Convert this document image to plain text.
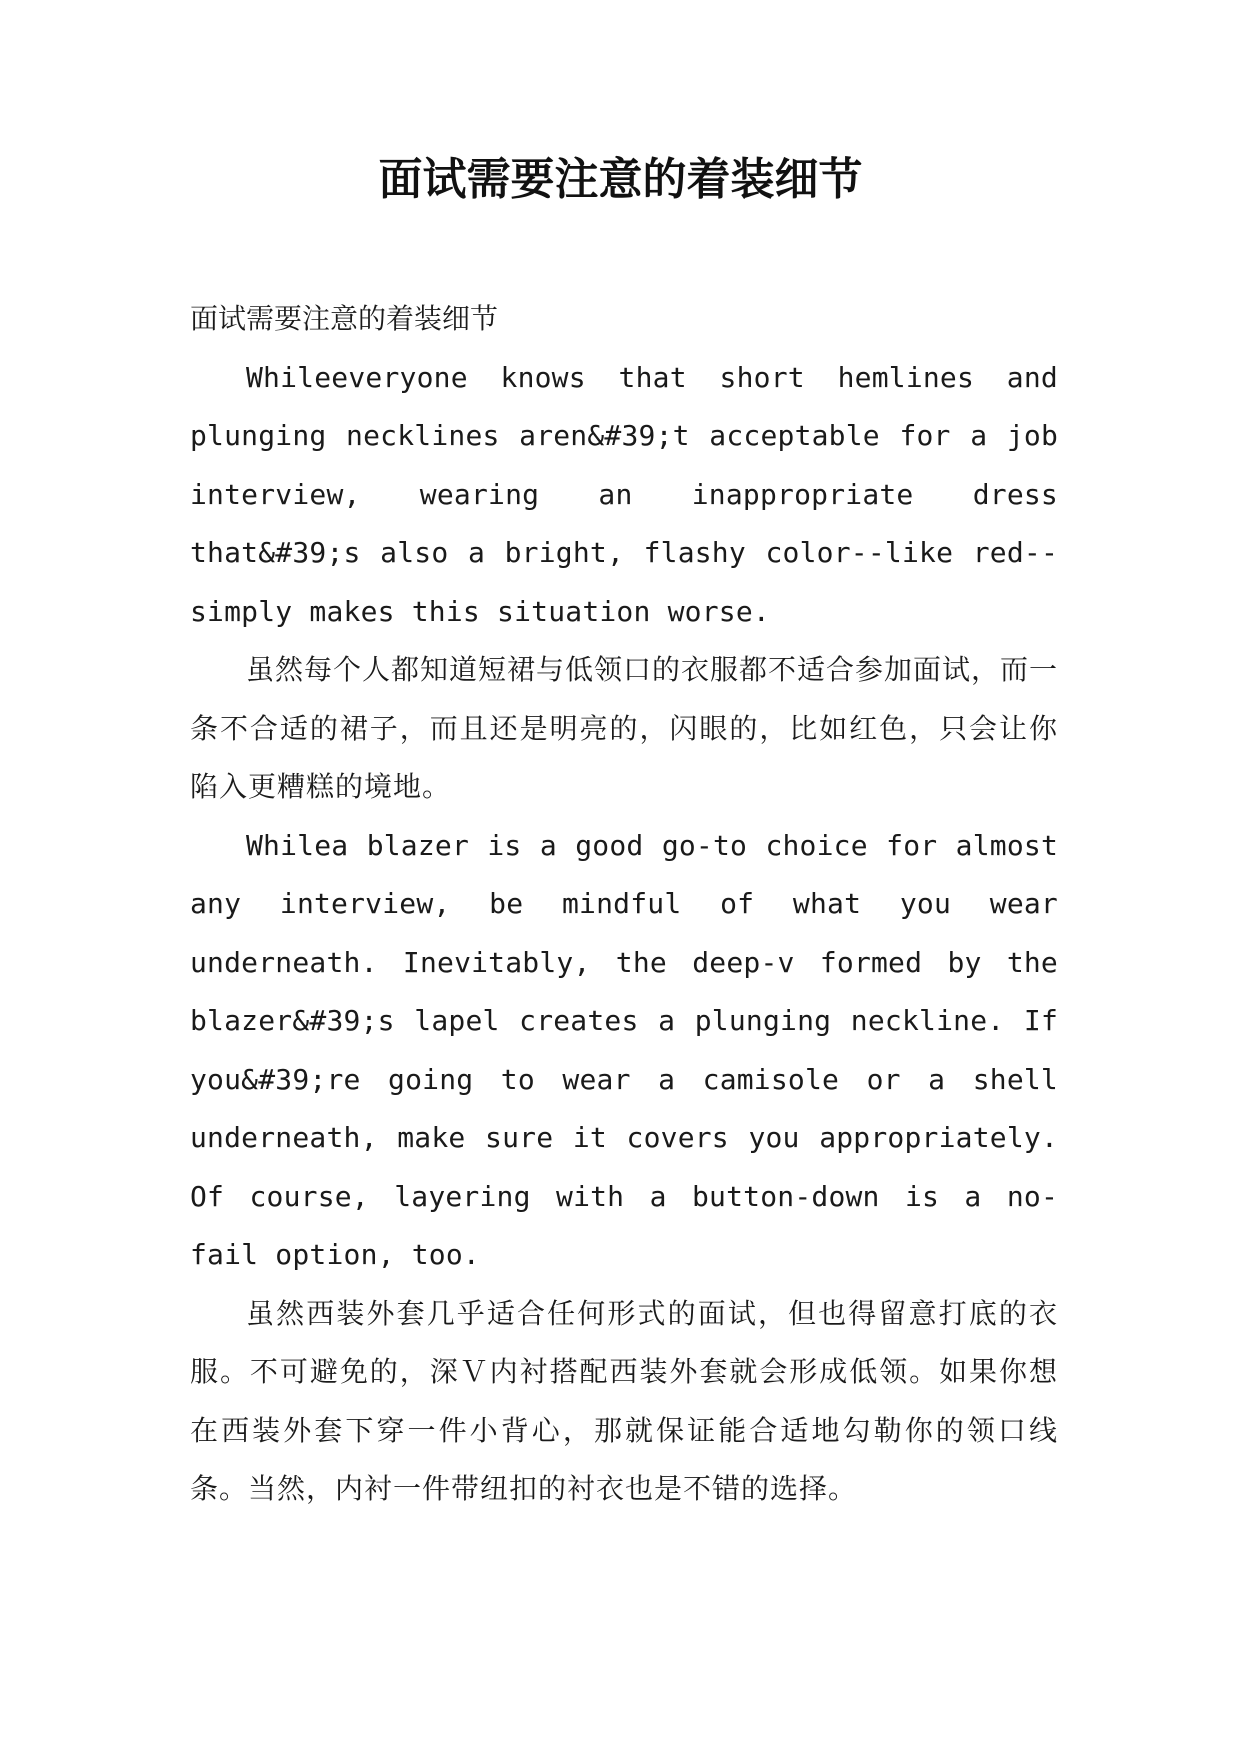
面试需要注意的着装细节

面试需要注意的着装细节

Whileeveryone knows that short hemlines and plunging necklines aren&#39;t acceptable for a job interview, wearing an inappropriate dress that&#39;s also a bright, flashy color--like red--simply makes this situation worse.

虽然每个人都知道短裙与低领口的衣服都不适合参加面试，而一条不合适的裙子，而且还是明亮的，闪眼的，比如红色，只会让你陷入更糟糕的境地。

Whilea blazer is a good go-to choice for almost any interview, be mindful of what you wear underneath. Inevitably, the deep-v formed by the blazer&#39;s lapel creates a plunging neckline. If you&#39;re going to wear a camisole or a shell underneath, make sure it covers you appropriately. Of course, layering with a button-down is a no-fail option, too.

虽然西装外套几乎适合任何形式的面试，但也得留意打底的衣服。不可避免的，深Ｖ内衬搭配西装外套就会形成低领。如果你想在西装外套下穿一件小背心，那就保证能合适地勾勒你的领口线条。当然，内衬一件带纽扣的衬衣也是不错的选择。
